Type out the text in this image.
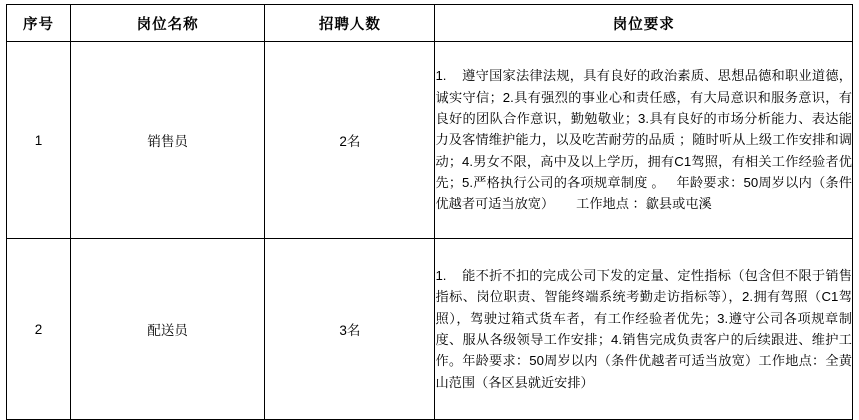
序号	岗位名称	招聘人数	岗位要求
1	销售员	2名	1.    遵守国家法律法规，具有良好的政治素质、思想品德和职业道德，诚实守信；2.具有强烈的事业心和责任感，有大局意识和服务意识，有良好的团队合作意识，勤勉敬业；3.具有良好的市场分析能力、表达能力及客情维护能力，以及吃苦耐劳的品质 ；随时听从上级工作安排和调动；4.男女不限，高中及以上学历，拥有C1驾照，有相关工作经验者优先；5.严格执行公司的各项规章制度 。   年龄要求：50周岁以内（条件优越者可适当放宽）      工作地点 ：歙县或屯溪

2	配送员	3名	1.    能不折不扣的完成公司下发的定量、定性指标（包含但不限于销售指标、岗位职责、智能终端系统考勤走访指标等），2.拥有驾照（C1驾照），驾驶过箱式货车者，有工作经验者优先；3.遵守公司各项规章制度、服从各级领导工作安排；4.销售完成负责客户的后续跟进、维护工作。年龄要求：50周岁以内（条件优越者可适当放宽）工作地点：全黄山范围（各区县就近安排）
